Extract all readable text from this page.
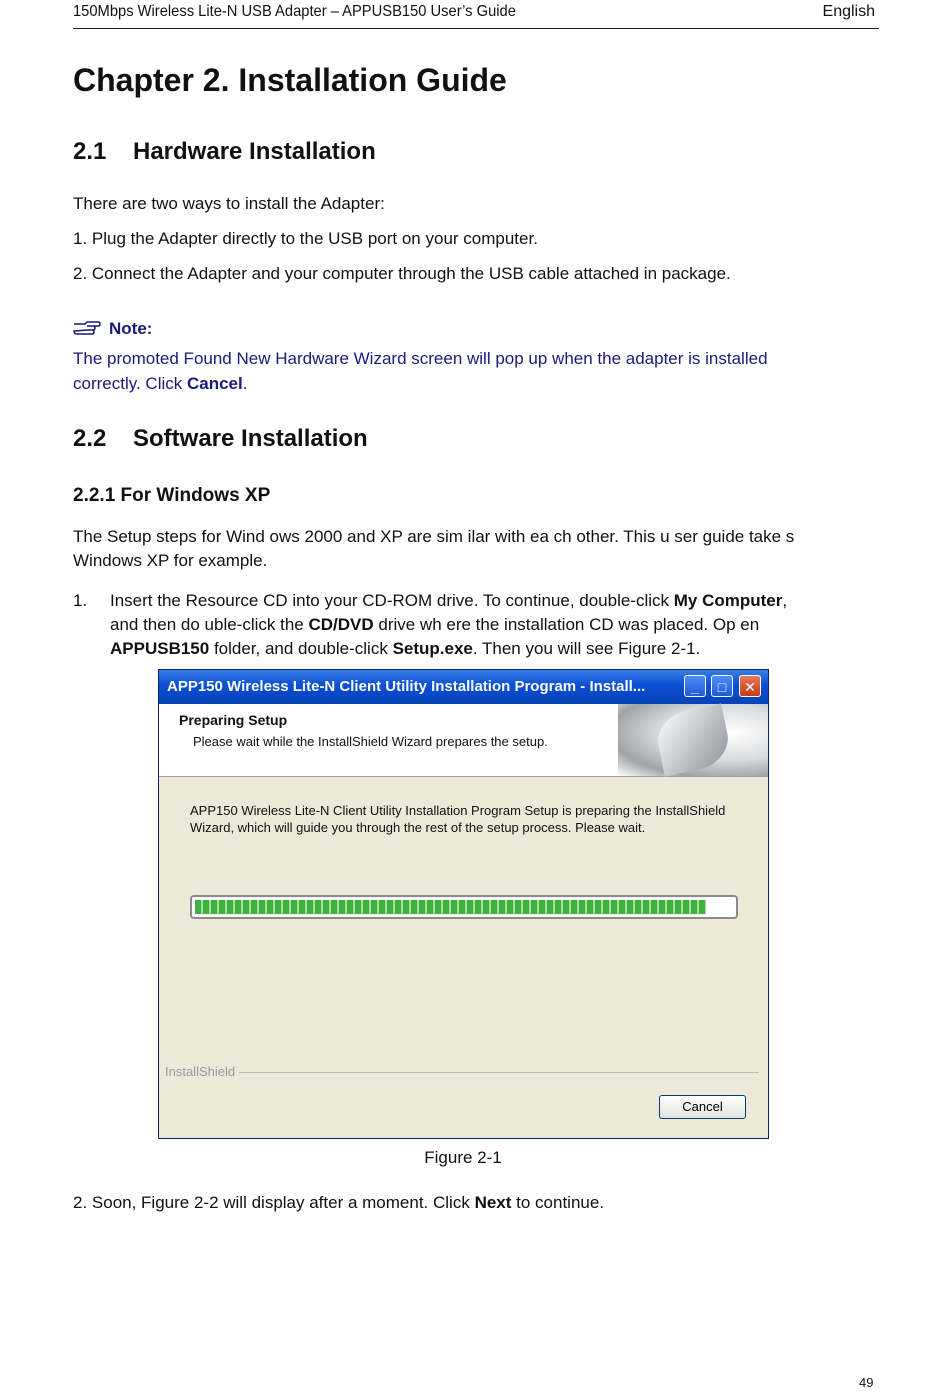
150Mbps Wireless Lite-N USB Adapter – APPUSB150 User’s Guide	English
Chapter 2. Installation Guide
2.1 Hardware Installation
There are two ways to install the Adapter:
1. Plug the Adapter directly to the USB port on your computer.
2. Connect the Adapter and your computer through the USB cable attached in package.
Note:
The promoted Found New Hardware Wizard screen will pop up when the adapter is installed
correctly. Click Cancel.
2.2 Software Installation
2.2.1 For Windows XP
The Setup steps for Wind ows 2000 and XP are sim ilar with ea ch other. This u ser guide take s
Windows XP for example.
1. Insert the Resource CD into your CD-ROM drive. To continue, double-click My Computer,
and then do uble-click the CD/DVD drive wh ere the installation CD was placed. Op en
APPUSB150 folder, and double-click Setup.exe. Then you will see Figure 2-1.
APP150 Wireless Lite-N Client Utility Installation Program - Install...	_	□	✕
Preparing Setup
Please wait while the InstallShield Wizard prepares the setup.
APP150 Wireless Lite-N Client Utility Installation Program Setup is preparing the InstallShield
Wizard, which will guide you through the rest of the setup process. Please wait.
InstallShield
Cancel
Figure 2-1
2. Soon, Figure 2-2 will display after a moment. Click Next to continue.
49
